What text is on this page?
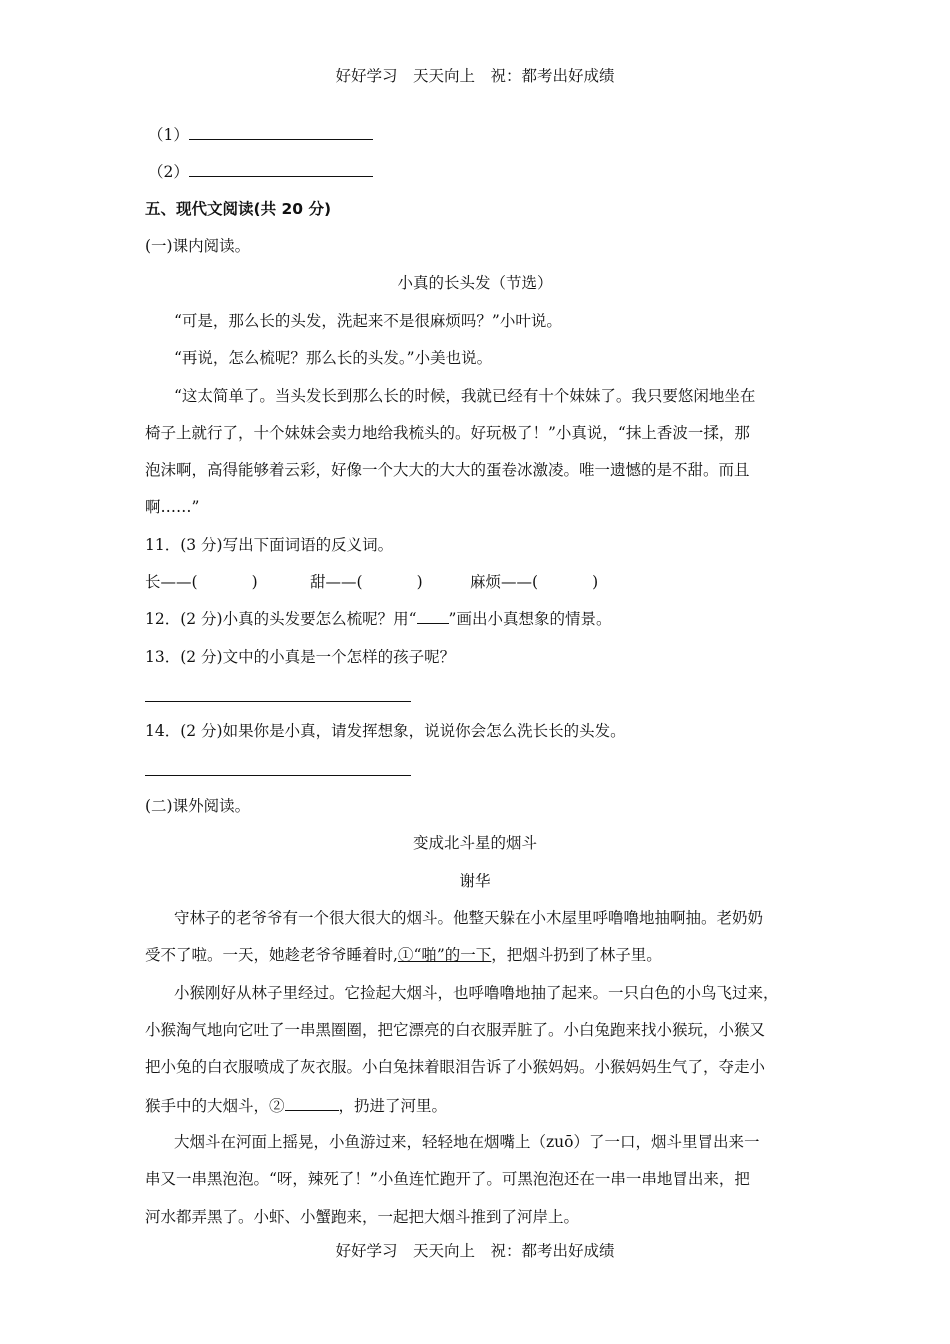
好好学习　天天向上　祝：都考出好成绩
（1）
（2）
五、现代文阅读(共 20 分)
(一)课内阅读。
小真的长头发（节选）
“可是，那么长的头发，洗起来不是很麻烦吗？”小叶说。
“再说，怎么梳呢？那么长的头发。”小美也说。
“这太简单了。当头发长到那么长的时候，我就已经有十个妹妹了。我只要悠闲地坐在
椅子上就行了，十个妹妹会卖力地给我梳头的。好玩极了！”小真说，“抹上香波一揉，那
泡沫啊，高得能够着云彩，好像一个大大的大大的蛋卷冰激凌。唯一遗憾的是不甜。而且
啊……”
11．(3 分)写出下面词语的反义词。
长——(	)	甜——(	)	麻烦——(	)
12．(2 分)小真的头发要怎么梳呢？用“ ”画出小真想象的情景。
13．(2 分)文中的小真是一个怎样的孩子呢？
14．(2 分)如果你是小真，请发挥想象，说说你会怎么洗长长的头发。
(二)课外阅读。
变成北斗星的烟斗
谢华
守林子的老爷爷有一个很大很大的烟斗。他整天躲在小木屋里呼噜噜地抽啊抽。老奶奶
受不了啦。一天，她趁老爷爷睡着时,①“啪”的一下，把烟斗扔到了林子里。
小猴刚好从林子里经过。它捡起大烟斗，也呼噜噜地抽了起来。一只白色的小鸟飞过来，
小猴淘气地向它吐了一串黑圈圈，把它漂亮的白衣服弄脏了。小白兔跑来找小猴玩，小猴又
把小兔的白衣服喷成了灰衣服。小白兔抹着眼泪告诉了小猴妈妈。小猴妈妈生气了，夺走小
猴手中的大烟斗，②	，扔进了河里。
大烟斗在河面上摇晃，小鱼游过来，轻轻地在烟嘴上（zuō）了一口，烟斗里冒出来一
串又一串黑泡泡。“呀，辣死了！”小鱼连忙跑开了。可黑泡泡还在一串一串地冒出来，把
河水都弄黑了。小虾、小蟹跑来，一起把大烟斗推到了河岸上。
好好学习　天天向上　祝：都考出好成绩
